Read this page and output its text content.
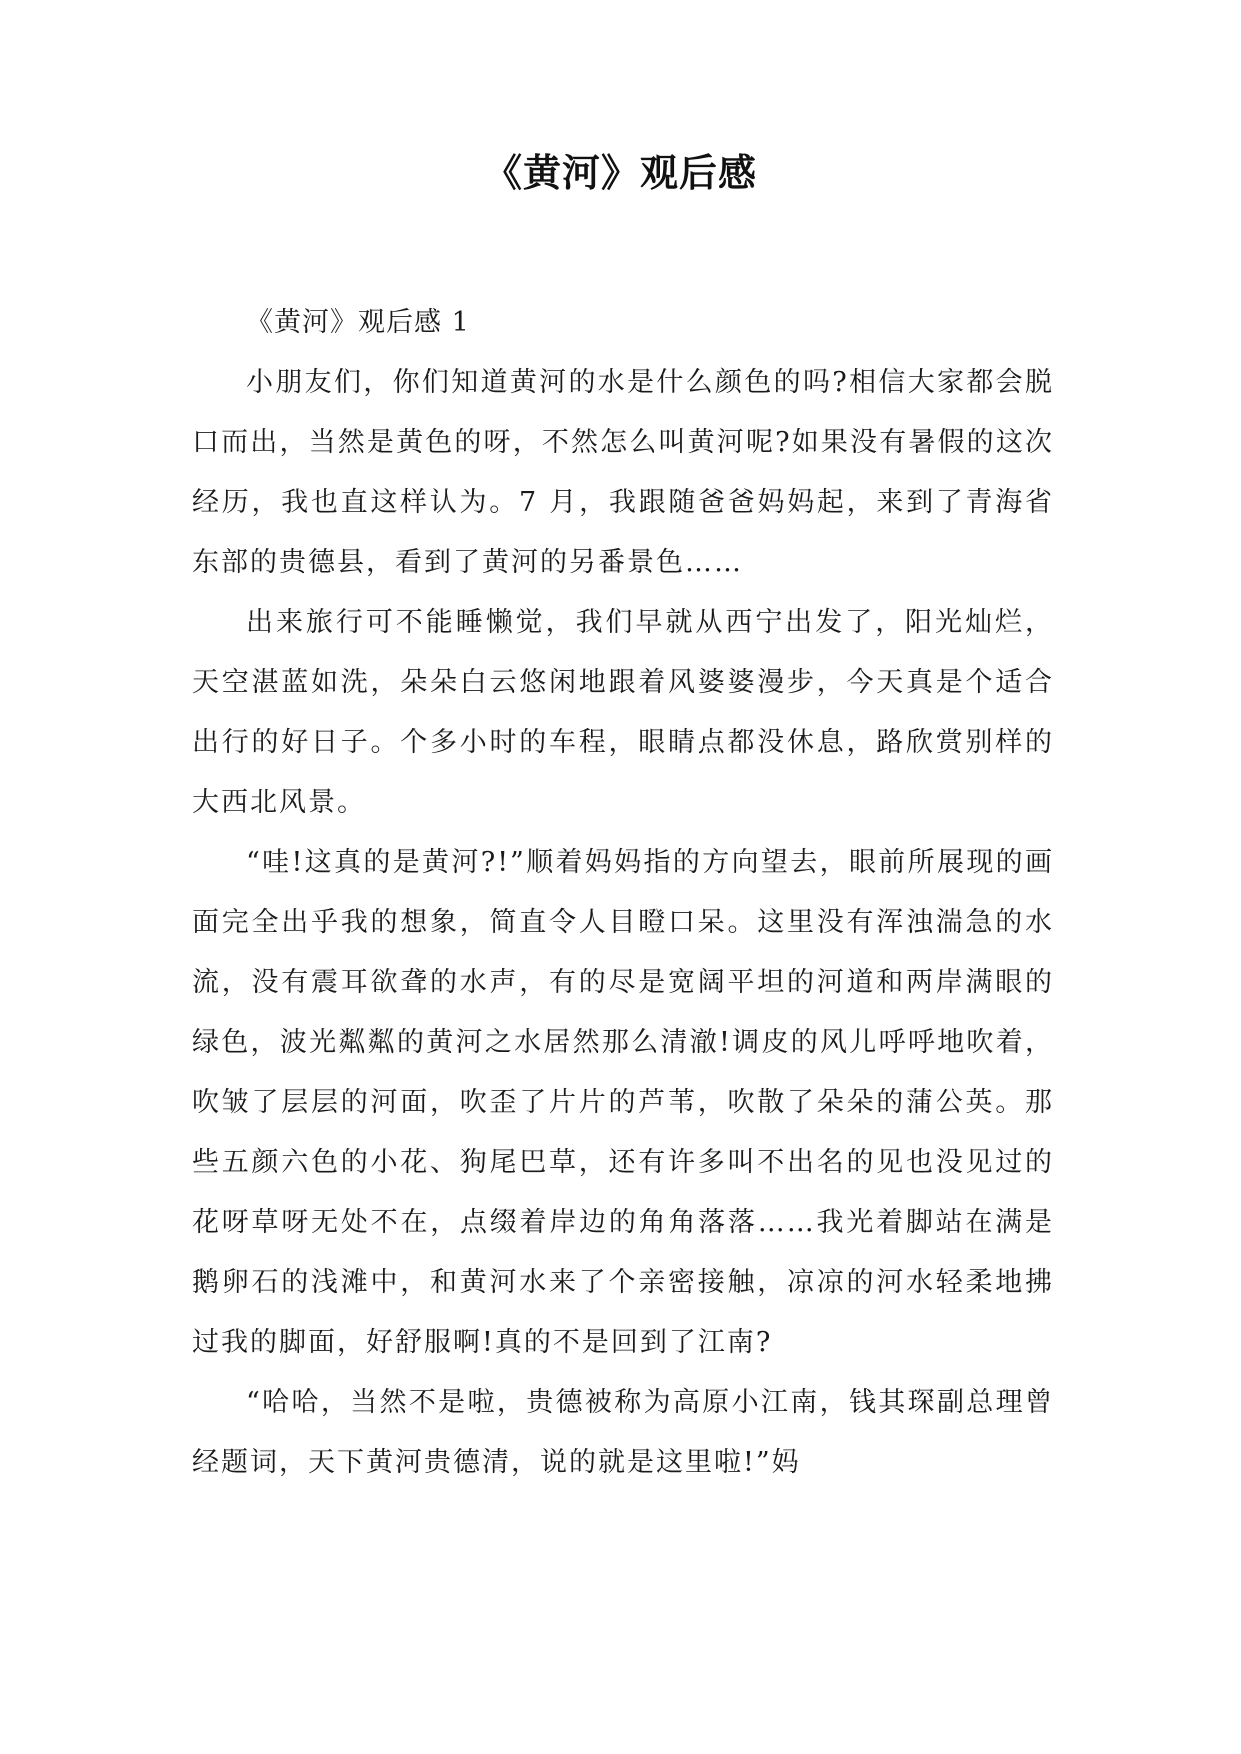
《黄河》观后感

《黄河》观后感 1

小朋友们，你们知道黄河的水是什么颜色的吗?相信大家都会脱口而出，当然是黄色的呀，不然怎么叫黄河呢?如果没有暑假的这次经历，我也直这样认为。7 月，我跟随爸爸妈妈起，来到了青海省东部的贵德县，看到了黄河的另番景色……

出来旅行可不能睡懒觉，我们早就从西宁出发了，阳光灿烂，天空湛蓝如洗，朵朵白云悠闲地跟着风婆婆漫步，今天真是个适合出行的好日子。个多小时的车程，眼睛点都没休息，路欣赏别样的大西北风景。

“哇!这真的是黄河?!”顺着妈妈指的方向望去，眼前所展现的画面完全出乎我的想象，简直令人目瞪口呆。这里没有浑浊湍急的水流，没有震耳欲聋的水声，有的尽是宽阔平坦的河道和两岸满眼的绿色，波光粼粼的黄河之水居然那么清澈!调皮的风儿呼呼地吹着，吹皱了层层的河面，吹歪了片片的芦苇，吹散了朵朵的蒲公英。那些五颜六色的小花、狗尾巴草，还有许多叫不出名的见也没见过的花呀草呀无处不在，点缀着岸边的角角落落……我光着脚站在满是鹅卵石的浅滩中，和黄河水来了个亲密接触，凉凉的河水轻柔地拂过我的脚面，好舒服啊!真的不是回到了江南?

“哈哈，当然不是啦，贵德被称为高原小江南，钱其琛副总理曾经题词，天下黄河贵德清，说的就是这里啦!”妈
